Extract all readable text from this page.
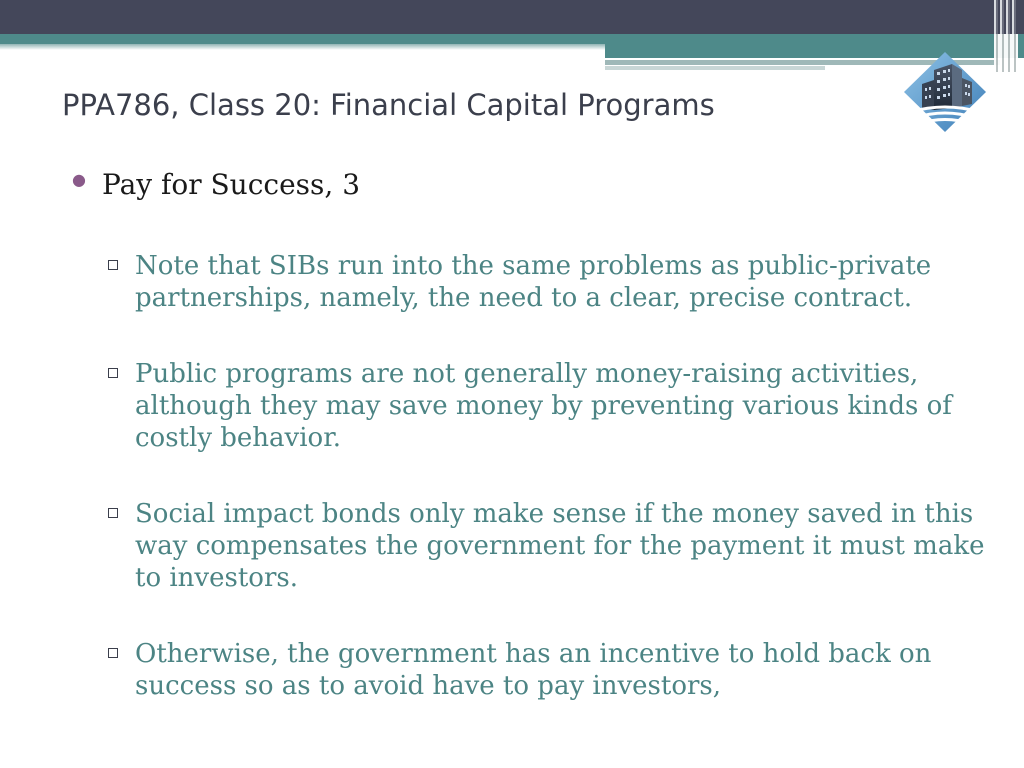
PPA786, Class 20: Financial Capital Programs
● Pay for Success, 3
Note that SIBs run into the same problems as public-private partnerships, namely, the need to a clear, precise contract.
Public programs are not generally money-raising activities, although they may save money by preventing various kinds of costly behavior.
Social impact bonds only make sense if the money saved in this way compensates the government for the payment it must make to investors.
Otherwise, the government has an incentive to hold back on success so as to avoid have to pay investors,
